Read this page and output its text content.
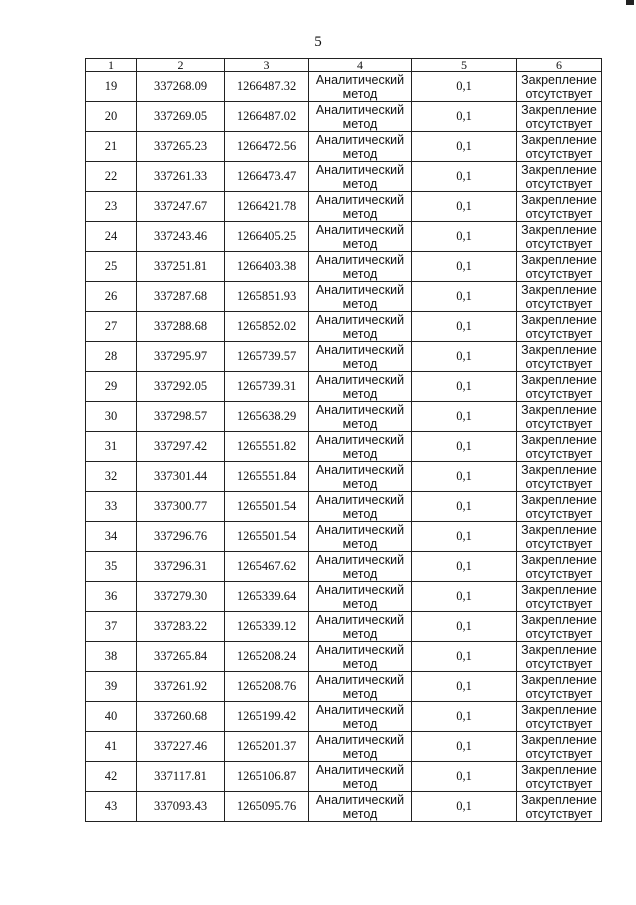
5
1	2	3	4	5	6
19	337268.09	1266487.32	Аналитический метод	0,1	Закрепление отсутствует
20	337269.05	1266487.02	Аналитический метод	0,1	Закрепление отсутствует
21	337265.23	1266472.56	Аналитический метод	0,1	Закрепление отсутствует
22	337261.33	1266473.47	Аналитический метод	0,1	Закрепление отсутствует
23	337247.67	1266421.78	Аналитический метод	0,1	Закрепление отсутствует
24	337243.46	1266405.25	Аналитический метод	0,1	Закрепление отсутствует
25	337251.81	1266403.38	Аналитический метод	0,1	Закрепление отсутствует
26	337287.68	1265851.93	Аналитический метод	0,1	Закрепление отсутствует
27	337288.68	1265852.02	Аналитический метод	0,1	Закрепление отсутствует
28	337295.97	1265739.57	Аналитический метод	0,1	Закрепление отсутствует
29	337292.05	1265739.31	Аналитический метод	0,1	Закрепление отсутствует
30	337298.57	1265638.29	Аналитический метод	0,1	Закрепление отсутствует
31	337297.42	1265551.82	Аналитический метод	0,1	Закрепление отсутствует
32	337301.44	1265551.84	Аналитический метод	0,1	Закрепление отсутствует
33	337300.77	1265501.54	Аналитический метод	0,1	Закрепление отсутствует
34	337296.76	1265501.54	Аналитический метод	0,1	Закрепление отсутствует
35	337296.31	1265467.62	Аналитический метод	0,1	Закрепление отсутствует
36	337279.30	1265339.64	Аналитический метод	0,1	Закрепление отсутствует
37	337283.22	1265339.12	Аналитический метод	0,1	Закрепление отсутствует
38	337265.84	1265208.24	Аналитический метод	0,1	Закрепление отсутствует
39	337261.92	1265208.76	Аналитический метод	0,1	Закрепление отсутствует
40	337260.68	1265199.42	Аналитический метод	0,1	Закрепление отсутствует
41	337227.46	1265201.37	Аналитический метод	0,1	Закрепление отсутствует
42	337117.81	1265106.87	Аналитический метод	0,1	Закрепление отсутствует
43	337093.43	1265095.76	Аналитический метод	0,1	Закрепление отсутствует
